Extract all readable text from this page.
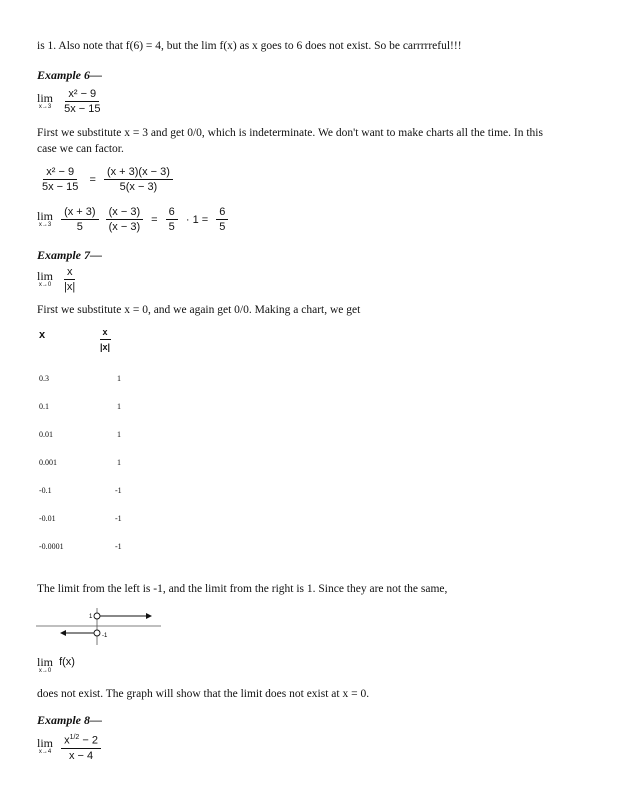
is 1. Also note that f(6) = 4, but the lim f(x) as x goes to 6 does not exist. So be carrrrreful!!!
Example 6—
lim
x→3
$\frac{\text{x² − 9}}{5x - 15}$
First we substitute x = 3 and get 0/0, which is indeterminate. We don't want to make charts all the time. In this
case we can factor.
$\frac{\text{x² − 9}}{5x - 15} = \frac{(x + 3)(x - 3)}{5(x - 3)}$
lim
x→3
$\frac{(x + 3)}{5}$
$\frac{(x - 3)}{(x - 3)} = \frac{6}{5} \cdot 1 = \frac{6}{5}$
Example 7—
lim
x→0
$\frac{x}{|x|}$
First we substitute x = 0, and we again get 0/0. Making a chart, we get
x	$\frac{x}{|x|}$
0.3	1
0.1	1
0.01	1
0.001	1
-0.1	-1
-0.01	-1
-0.0001	-1
The limit from the left is -1, and the limit from the right is 1. Since they are not the same,
1
-1
lim
x→0
f(x)
does not exist. The graph will show that the limit does not exist at x = 0.
Example 8—
lim
x→4
$\frac{x^{1/2} - 2}{x - 4}$
